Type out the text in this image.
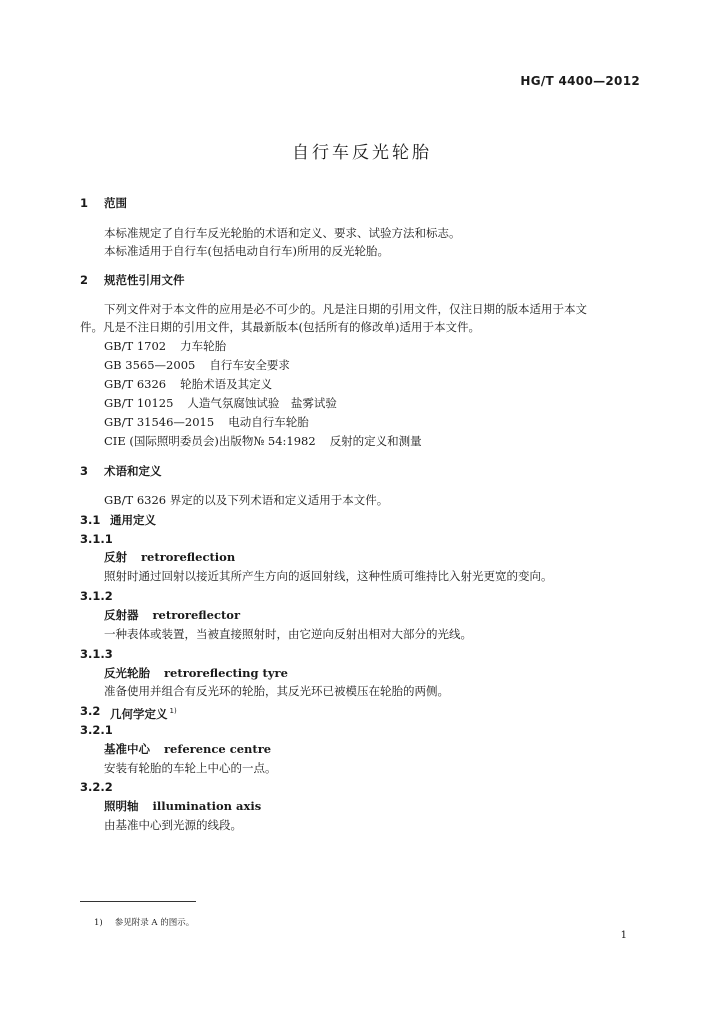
HG/T 4400—2012
自行车反光轮胎
1 范围
本标准规定了自行车反光轮胎的术语和定义、要求、试验方法和标志。
本标准适用于自行车(包括电动自行车)所用的反光轮胎。
2 规范性引用文件
下列文件对于本文件的应用是必不可少的。凡是注日期的引用文件，仅注日期的版本适用于本文
件。凡是不注日期的引用文件，其最新版本(包括所有的修改单)适用于本文件。
GB/T 1702 力车轮胎
GB 3565—2005 自行车安全要求
GB/T 6326 轮胎术语及其定义
GB/T 10125 人造气氛腐蚀试验　盐雾试验
GB/T 31546—2015 电动自行车轮胎
CIE (国际照明委员会)出版物№ 54:1982 反射的定义和测量
3 术语和定义
GB/T 6326 界定的以及下列术语和定义适用于本文件。
3.1 通用定义
3.1.1
反射 retroreflection
照射时通过回射以接近其所产生方向的返回射线，这种性质可维持比入射光更宽的变向。
3.1.2
反射器 retroreflector
一种表体或装置，当被直接照射时，由它逆向反射出相对大部分的光线。
3.1.3
反光轮胎 retroreflecting tyre
准备使用并组合有反光环的轮胎，其反光环已被模压在轮胎的两侧。
3.2 几何学定义 $^{1)}$
3.2.1
基准中心 reference centre
安装有轮胎的车轮上中心的一点。
3.2.2
照明轴 illumination axis
由基准中心到光源的线段。
1) 参见附录 A 的图示。
1
